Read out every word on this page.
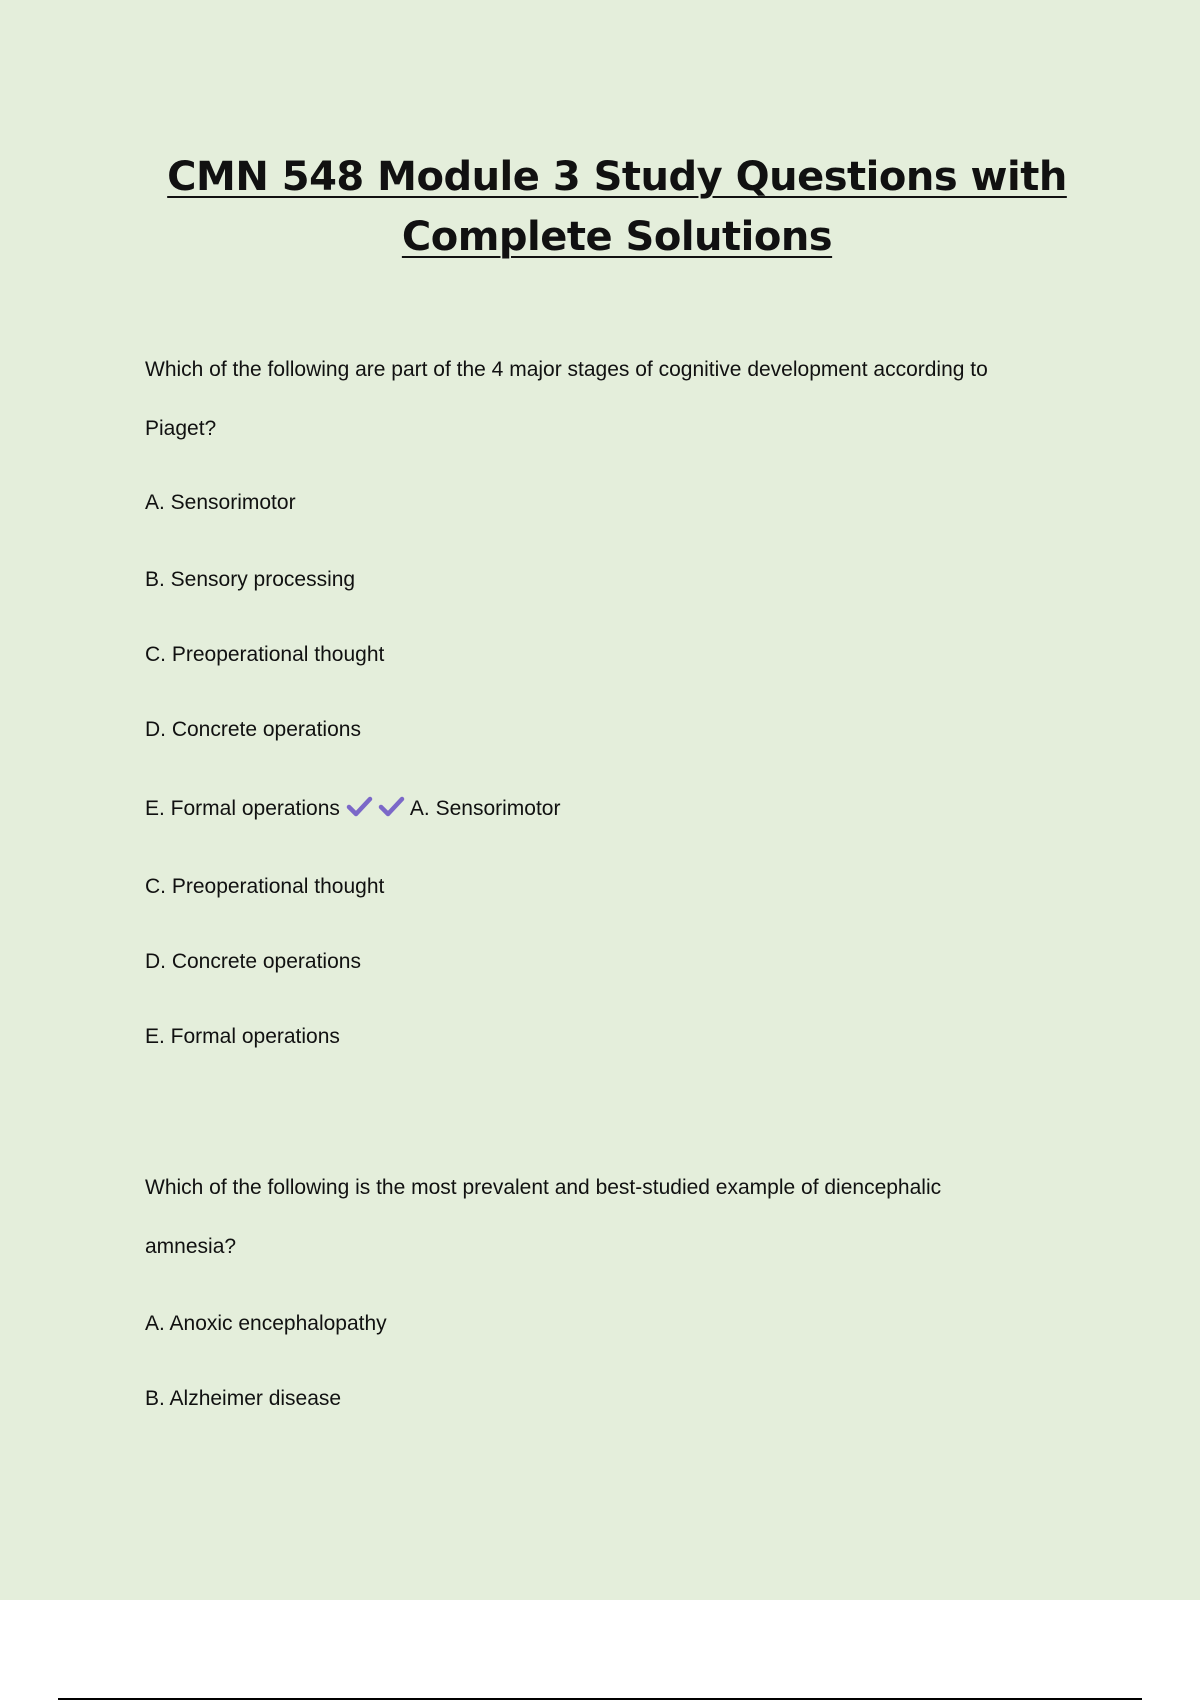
CMN 548 Module 3 Study Questions with Complete Solutions

Which of the following are part of the 4 major stages of cognitive development according to

Piaget?

A. Sensorimotor

B. Sensory processing

C. Preoperational thought

D. Concrete operations

E. Formal operations	A. Sensorimotor

C. Preoperational thought

D. Concrete operations

E. Formal operations

Which of the following is the most prevalent and best-studied example of diencephalic

amnesia?

A. Anoxic encephalopathy

B. Alzheimer disease
